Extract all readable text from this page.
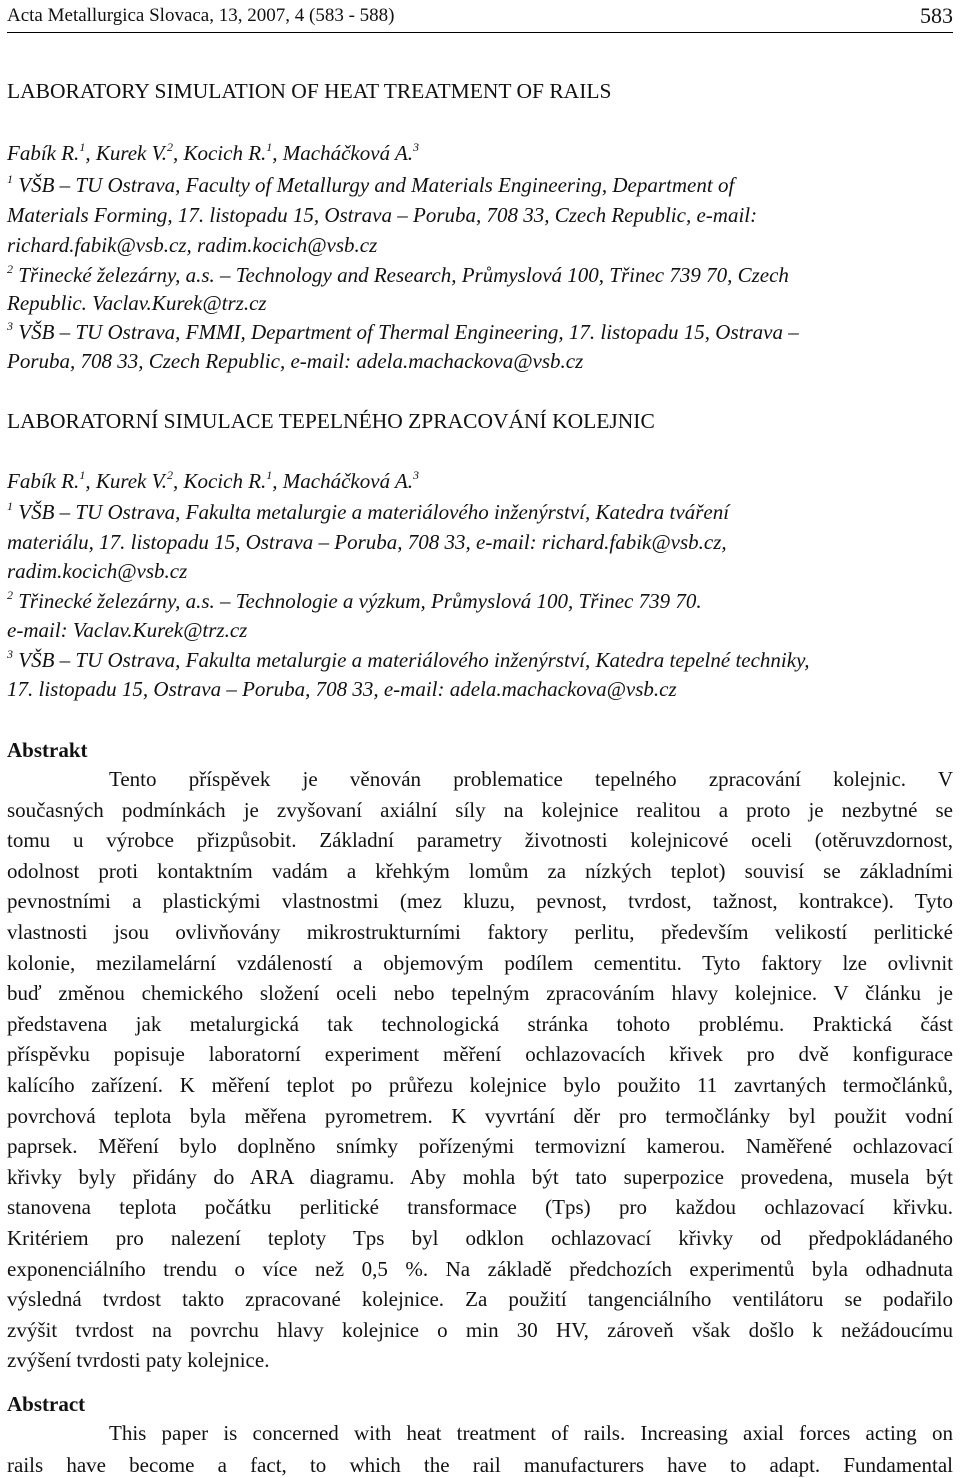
Acta Metallurgica Slovaca, 13, 2007, 4 (583 - 588)	583
LABORATORY SIMULATION OF HEAT TREATMENT OF RAILS
Fabík R.$^1$, Kurek V.$^2$, Kocich R.$^1$, Macháčková A.$^3$
$^1$ VŠB – TU Ostrava, Faculty of Metallurgy and Materials Engineering, Department of
Materials Forming, 17. listopadu 15, Ostrava – Poruba, 708 33, Czech Republic, e-mail:
richard.fabik@vsb.cz, radim.kocich@vsb.cz
$^2$ Třinecké železárny, a.s. – Technology and Research, Průmyslová 100, Třinec 739 70, Czech
Republic. Vaclav.Kurek@trz.cz
$^3$ VŠB – TU Ostrava, FMMI, Department of Thermal Engineering, 17. listopadu 15, Ostrava –
Poruba, 708 33, Czech Republic, e-mail: adela.machackova@vsb.cz
LABORATORNÍ SIMULACE TEPELNÉHO ZPRACOVÁNÍ KOLEJNIC
Fabík R.$^1$, Kurek V.$^2$, Kocich R.$^1$, Macháčková A.$^3$
$^1$ VŠB – TU Ostrava, Fakulta metalurgie a materiálového inženýrství, Katedra tváření
materiálu, 17. listopadu 15, Ostrava – Poruba, 708 33, e-mail: richard.fabik@vsb.cz,
radim.kocich@vsb.cz
$^2$ Třinecké železárny, a.s. – Technologie a výzkum, Průmyslová 100, Třinec 739 70.
e-mail: Vaclav.Kurek@trz.cz
$^3$ VŠB – TU Ostrava, Fakulta metalurgie a materiálového inženýrství, Katedra tepelné techniky,
17. listopadu 15, Ostrava – Poruba, 708 33, e-mail: adela.machackova@vsb.cz
Abstrakt
Tento příspěvek je věnován problematice tepelného zpracování kolejnic. V
současných podmínkách je zvyšovaní axiální síly na kolejnice realitou a proto je nezbytné se
tomu u výrobce přizpůsobit. Základní parametry životnosti kolejnicové oceli (otěruvzdornost,
odolnost proti kontaktním vadám a křehkým lomům za nízkých teplot) souvisí se základními
pevnostními a plastickými vlastnostmi (mez kluzu, pevnost, tvrdost, tažnost, kontrakce). Tyto
vlastnosti jsou ovlivňovány mikrostrukturními faktory perlitu, především velikostí perlitické
kolonie, mezilamelární vzdáleností a objemovým podílem cementitu. Tyto faktory lze ovlivnit
buď změnou chemického složení oceli nebo tepelným zpracováním hlavy kolejnice. V článku je
představena jak metalurgická tak technologická stránka tohoto problému. Praktická část
příspěvku popisuje laboratorní experiment měření ochlazovacích křivek pro dvě konfigurace
kalícího zařízení. K měření teplot po průřezu kolejnice bylo použito 11 zavrtaných termočlánků,
povrchová teplota byla měřena pyrometrem. K vyvrtání děr pro termočlánky byl použit vodní
paprsek. Měření bylo doplněno snímky pořízenými termovizní kamerou. Naměřené ochlazovací
křivky byly přidány do ARA diagramu. Aby mohla být tato superpozice provedena, musela být
stanovena teplota počátku perlitické transformace (Tps) pro každou ochlazovací křivku.
Kritériem pro nalezení teploty Tps byl odklon ochlazovací křivky od předpokládaného
exponenciálního trendu o více než 0,5 %. Na základě předchozích experimentů byla odhadnuta
výsledná tvrdost takto zpracované kolejnice. Za použití tangenciálního ventilátoru se podařilo
zvýšit tvrdost na povrchu hlavy kolejnice o min 30 HV, zároveň však došlo k nežádoucímu
zvýšení tvrdosti paty kolejnice.
Abstract
This paper is concerned with heat treatment of rails. Increasing axial forces acting on
rails have become a fact, to which the rail manufacturers have to adapt. Fundamental
